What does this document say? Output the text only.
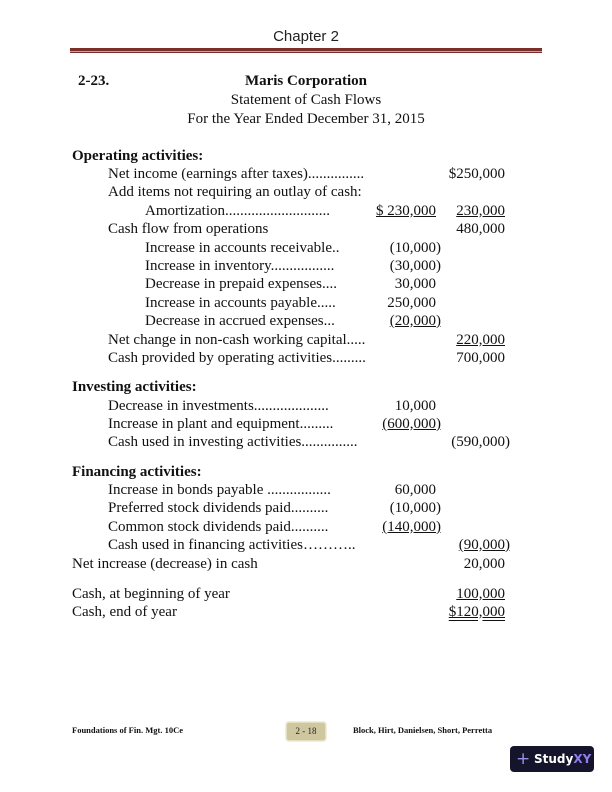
Chapter 2
2-23.	Maris Corporation
Statement of Cash Flows
For the Year Ended December 31, 2015
Operating activities:
Net income (earnings after taxes)...............	$250,000
Add items not requiring an outlay of cash:
Amortization............................	$ 230,000 230,000
Cash flow from operations	480,000
Increase in accounts receivable..	(10,000)
Increase in inventory.................	(30,000)
Decrease in prepaid expenses....	30,000
Increase in accounts payable.....	250,000
Decrease in accrued expenses...	(20,000)
Net change in non-cash working capital.....	220,000
Cash provided by operating activities.........	700,000
Investing activities:
Decrease in investments....................	10,000
Increase in plant and equipment.........	(600,000)
Cash used in investing activities...............	(590,000)
Financing activities:
Increase in bonds payable .................	60,000
Preferred stock dividends paid..........	(10,000)
Common stock dividends paid..........	(140,000)
Cash used in financing activities………..	(90,000)
Net increase (decrease) in cash	20,000
Cash, at beginning of year	100,000
Cash, end of year	$120,000
Foundations of Fin. Mgt. 10Ce	2 - 18	Block, Hirt, Danielsen, Short, Perretta
+ StudyXY
